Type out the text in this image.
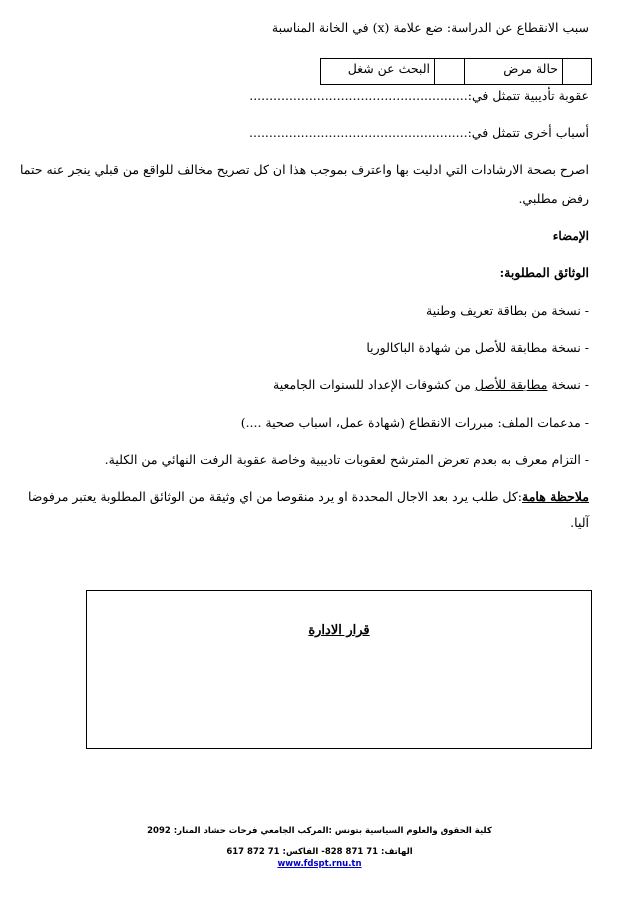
سبب الانقطاع عن الدراسة: ضع علامة (x) في الخانة المناسبة
حالة مرض
البحث عن شغل
عقوبة تأديبية تتمثل في:.......................................................
أسباب أخرى تتمثل في:.......................................................
اصرح بصحة الارشادات التي ادليت بها واعترف بموجب هذا ان كل تصريح مخالف للواقع من قبلي ينجر عنه حتما
رفض مطلبي.
الإمضاء
الوثائق المطلوبة:
- نسخة من بطاقة تعريف وطنية
- نسخة مطابقة للأصل من شهادة الباكالوريا
- نسخة مطابقة للأصل من كشوفات الإعداد للسنوات الجامعية
- مدعمات الملف: مبررات الانقطاع (شهادة عمل، اسباب صحية ....)
- التزام معرف به بعدم تعرض المترشح لعقوبات تاديبية وخاصة عقوبة الرفت النهائي من الكلية.
ملاحظة هامة:كل طلب يرد بعد الاجال المحددة او يرد منقوصا من اي وثيقة من الوثائق المطلوبة يعتبر مرفوضا
آليا.
قرار الادارة
كلية الحقوق والعلوم السياسية بتونس :المركب الجامعي فرحات حشاد المنار: 2092
الهاتف: 71 871 828- الفاكس: 71 872 617
www.fdspt.rnu.tn
